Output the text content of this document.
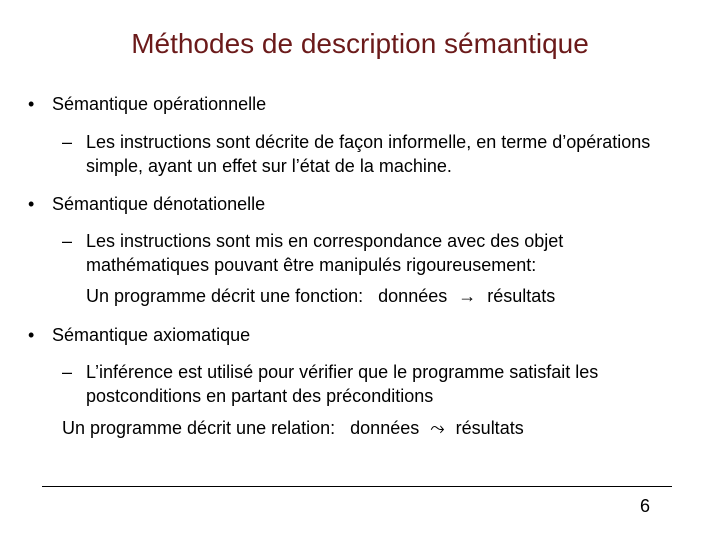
Méthodes de description sémantique
• Sémantique opérationnelle
– Les instructions sont décrite de façon informelle, en terme d’opérations simple, ayant un effet sur l’état de la machine.
• Sémantique dénotationelle
– Les instructions sont mis en correspondance avec des objet mathématiques pouvant être manipulés rigoureusement:
Un programme décrit une fonction: données → résultats
• Sémantique axiomatique
– L’inférence est utilisé pour vérifier que le programme satisfait les postconditions en partant des préconditions
Un programme décrit une relation: données ⤳ résultats
6
